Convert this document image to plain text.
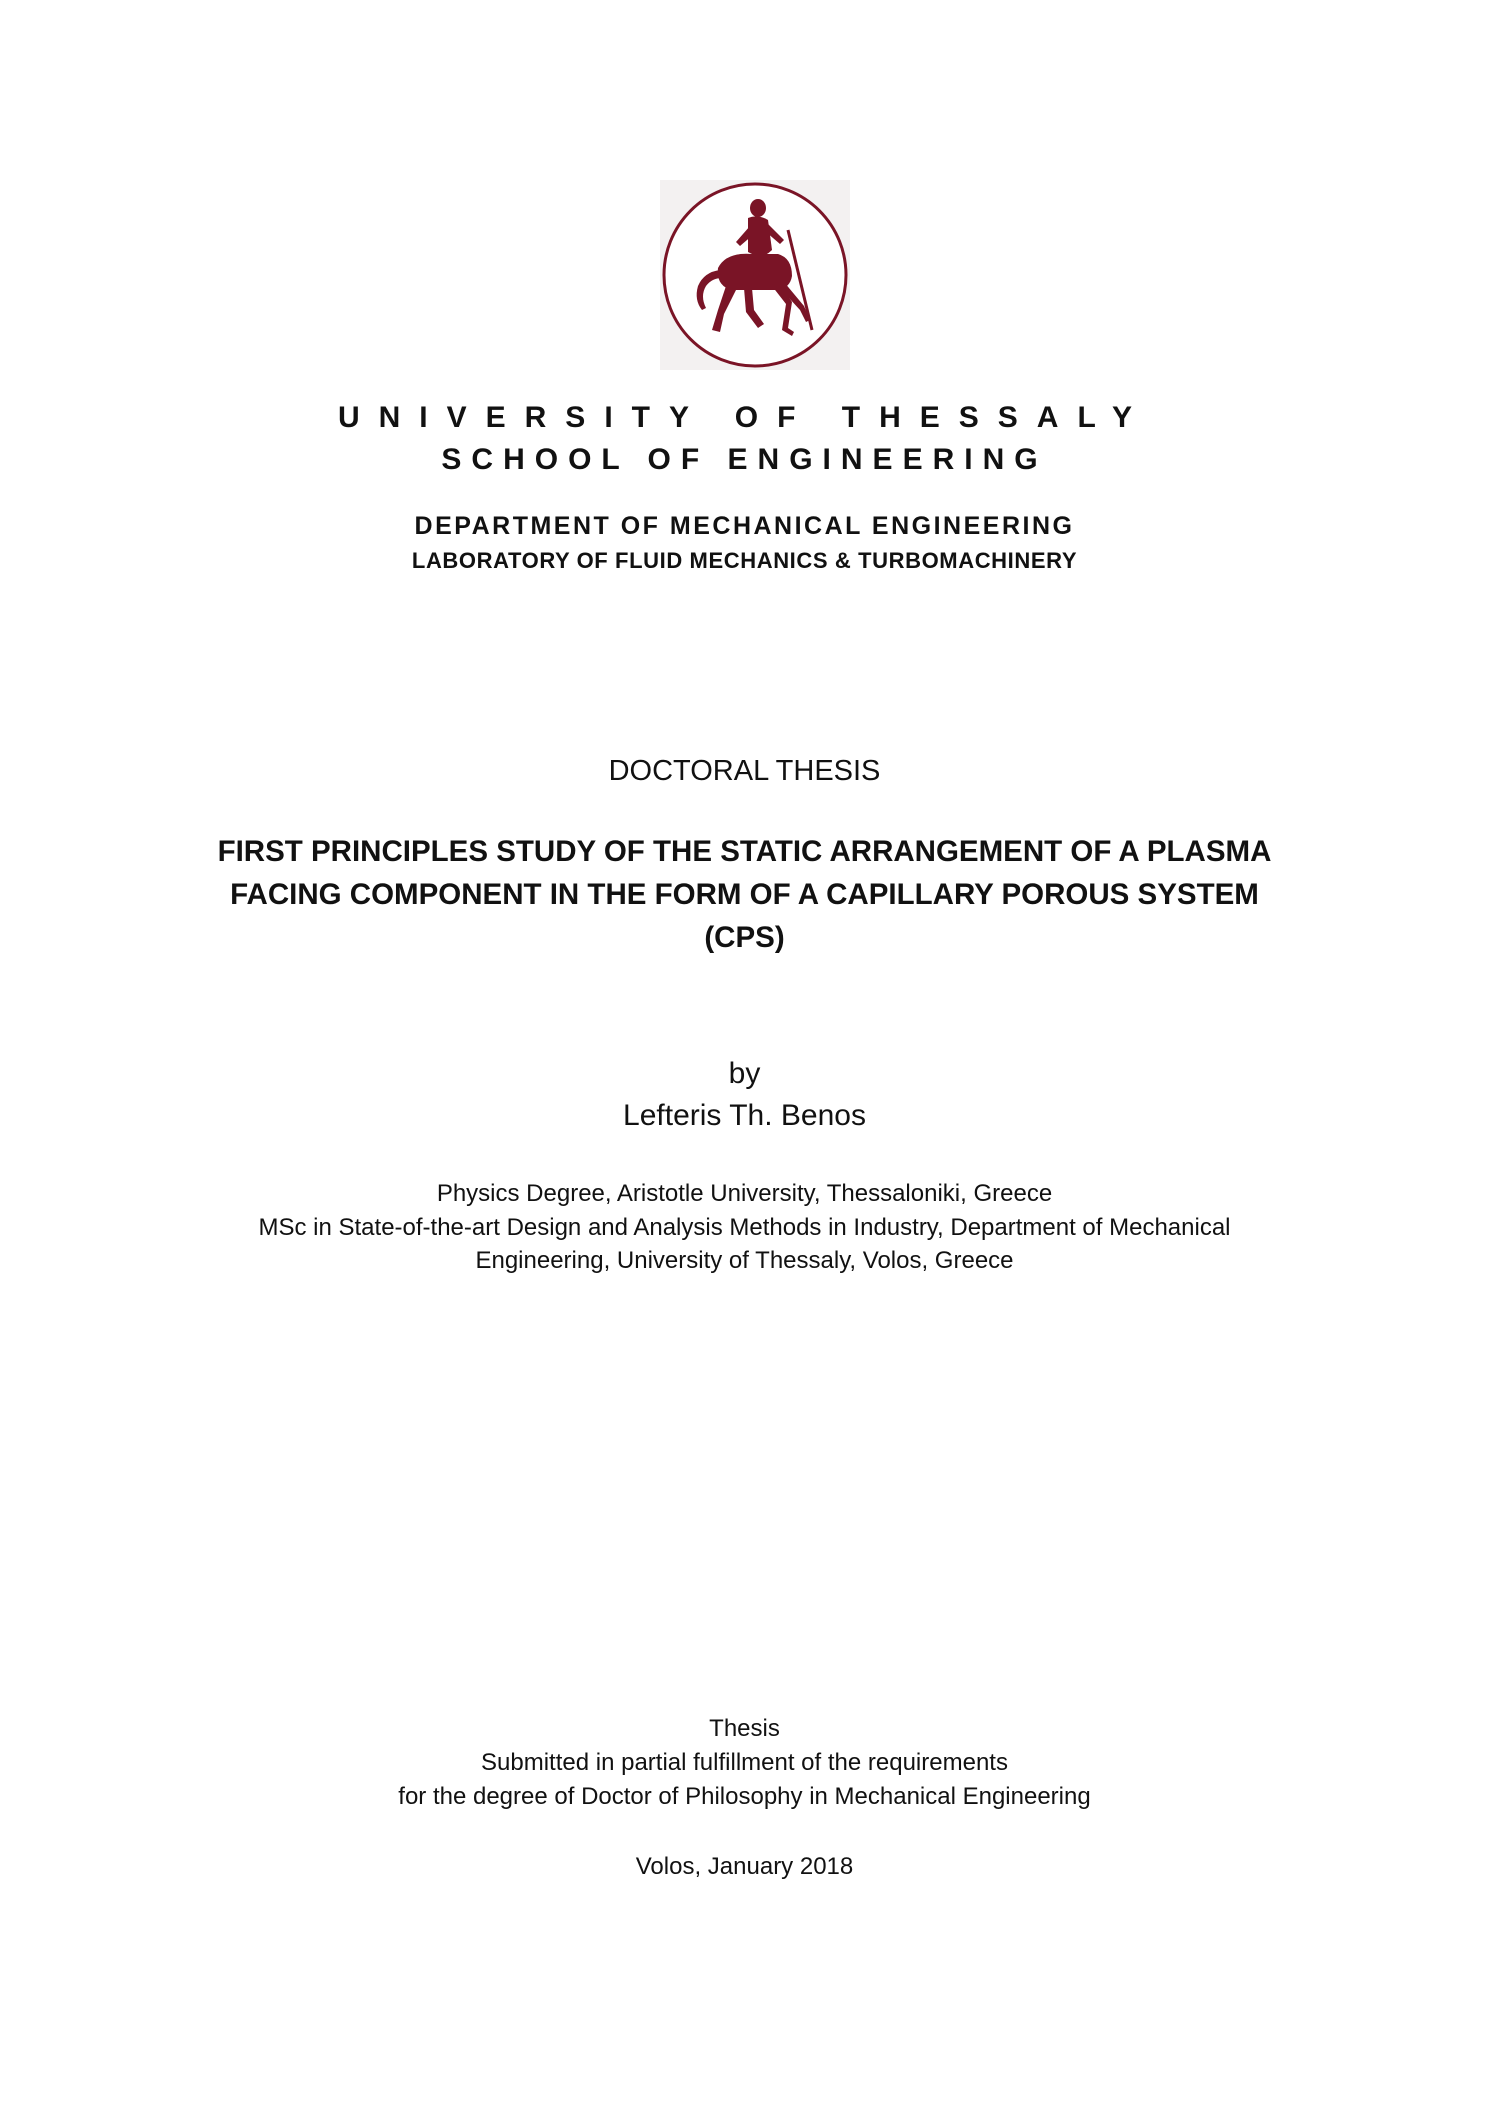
UNIVERSITY OF THESSALY
SCHOOL OF ENGINEERING
DEPARTMENT OF MECHANICAL ENGINEERING
LABORATORY OF FLUID MECHANICS & TURBOMACHINERY
DOCTORAL THESIS
FIRST PRINCIPLES STUDY OF THE STATIC ARRANGEMENT OF A PLASMA
FACING COMPONENT IN THE FORM OF A CAPILLARY POROUS SYSTEM
(CPS)
by
Lefteris Th. Benos
Physics Degree, Aristotle University, Thessaloniki, Greece
MSc in State-of-the-art Design and Analysis Methods in Industry, Department of Mechanical
Engineering, University of Thessaly, Volos, Greece
Thesis
Submitted in partial fulfillment of the requirements
for the degree of Doctor of Philosophy in Mechanical Engineering
Volos, January 2018
